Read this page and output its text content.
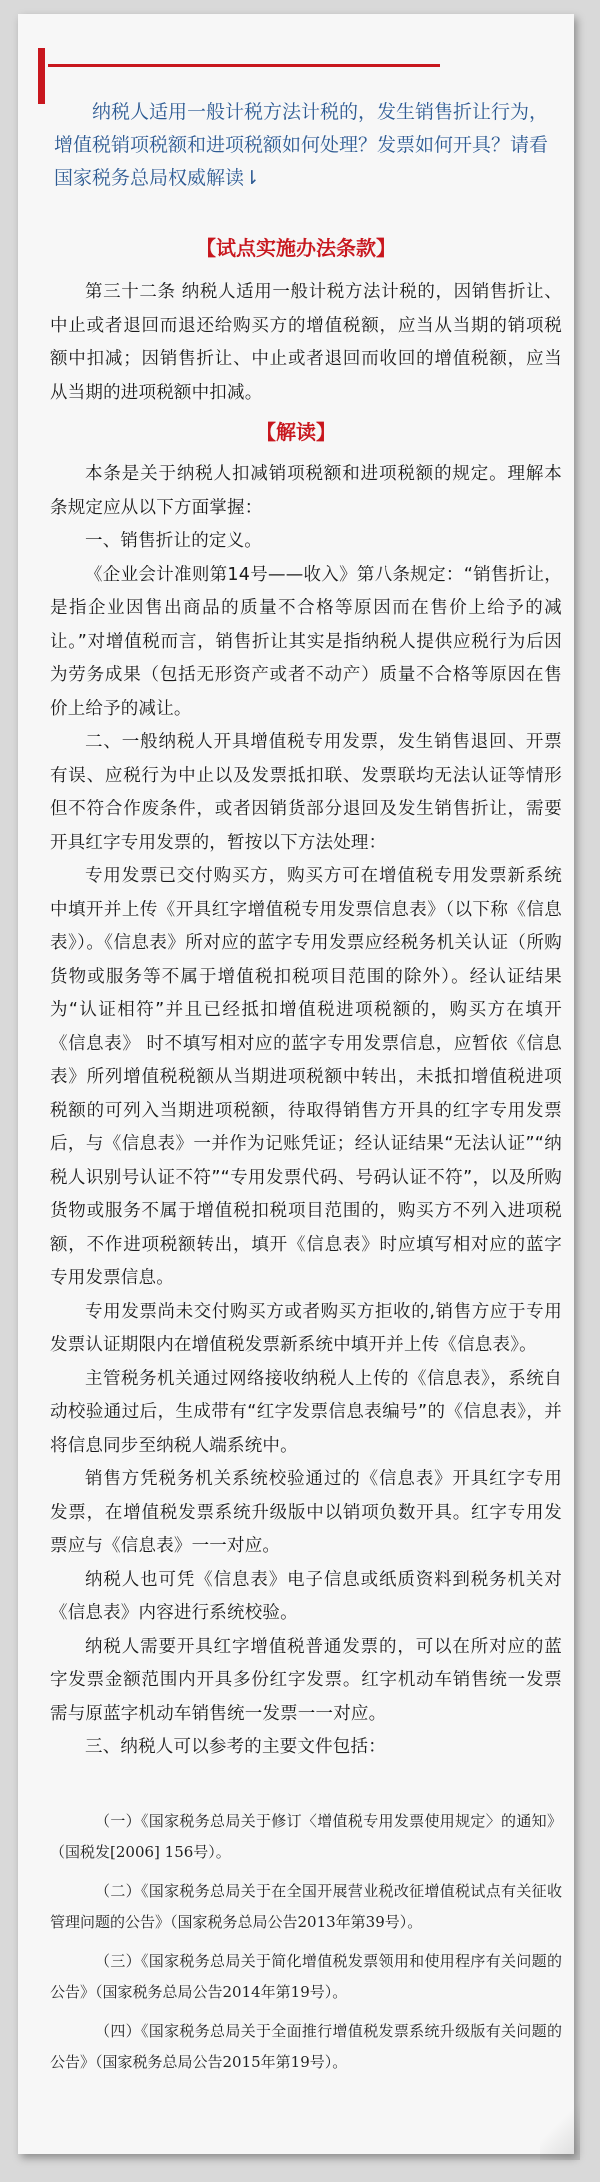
纳税人适用一般计税方法计税的，发生销售折让行为，增值税销项税额和进项税额如何处理？发票如何开具？请看国家税务总局权威解读⇂

【试点实施办法条款】

第三十二条 纳税人适用一般计税方法计税的，因销售折让、中止或者退回而退还给购买方的增值税额，应当从当期的销项税额中扣减；因销售折让、中止或者退回而收回的增值税额，应当从当期的进项税额中扣减。

【解读】

本条是关于纳税人扣减销项税额和进项税额的规定。理解本条规定应从以下方面掌握：

一、销售折让的定义。

《企业会计准则第14号——收入》第八条规定：“销售折让，是指企业因售出商品的质量不合格等原因而在售价上给予的减让。”对增值税而言，销售折让其实是指纳税人提供应税行为后因为劳务成果（包括无形资产或者不动产）质量不合格等原因在售价上给予的减让。

二、一般纳税人开具增值税专用发票，发生销售退回、开票有误、应税行为中止以及发票抵扣联、发票联均无法认证等情形但不符合作废条件，或者因销货部分退回及发生销售折让，需要开具红字专用发票的，暂按以下方法处理：

专用发票已交付购买方，购买方可在增值税专用发票新系统中填开并上传《开具红字增值税专用发票信息表》（以下称《信息表》）。《信息表》所对应的蓝字专用发票应经税务机关认证（所购货物或服务等不属于增值税扣税项目范围的除外）。经认证结果为“认证相符”并且已经抵扣增值税进项税额的，购买方在填开《信息表》 时不填写相对应的蓝字专用发票信息，应暂依《信息表》所列增值税税额从当期进项税额中转出，未抵扣增值税进项税额的可列入当期进项税额，待取得销售方开具的红字专用发票后，与《信息表》一并作为记账凭证；经认证结果“无法认证”“纳税人识别号认证不符”“专用发票代码、号码认证不符”，以及所购货物或服务不属于增值税扣税项目范围的，购买方不列入进项税额，不作进项税额转出，填开《信息表》时应填写相对应的蓝字专用发票信息。

专用发票尚未交付购买方或者购买方拒收的,销售方应于专用发票认证期限内在增值税发票新系统中填开并上传《信息表》。

主管税务机关通过网络接收纳税人上传的《信息表》，系统自动校验通过后，生成带有“红字发票信息表编号”的《信息表》，并将信息同步至纳税人端系统中。

销售方凭税务机关系统校验通过的《信息表》开具红字专用发票，在增值税发票系统升级版中以销项负数开具。红字专用发票应与《信息表》一一对应。

纳税人也可凭《信息表》电子信息或纸质资料到税务机关对《信息表》内容进行系统校验。

纳税人需要开具红字增值税普通发票的，可以在所对应的蓝字发票金额范围内开具多份红字发票。红字机动车销售统一发票需与原蓝字机动车销售统一发票一一对应。

三、纳税人可以参考的主要文件包括：

（一）《国家税务总局关于修订〈增值税专用发票使用规定〉的通知》（国税发[2006] 156号）。

（二）《国家税务总局关于在全国开展营业税改征增值税试点有关征收管理问题的公告》（国家税务总局公告2013年第39号）。

（三）《国家税务总局关于简化增值税发票领用和使用程序有关问题的公告》（国家税务总局公告2014年第19号）。

（四）《国家税务总局关于全面推行增值税发票系统升级版有关问题的公告》（国家税务总局公告2015年第19号）。
